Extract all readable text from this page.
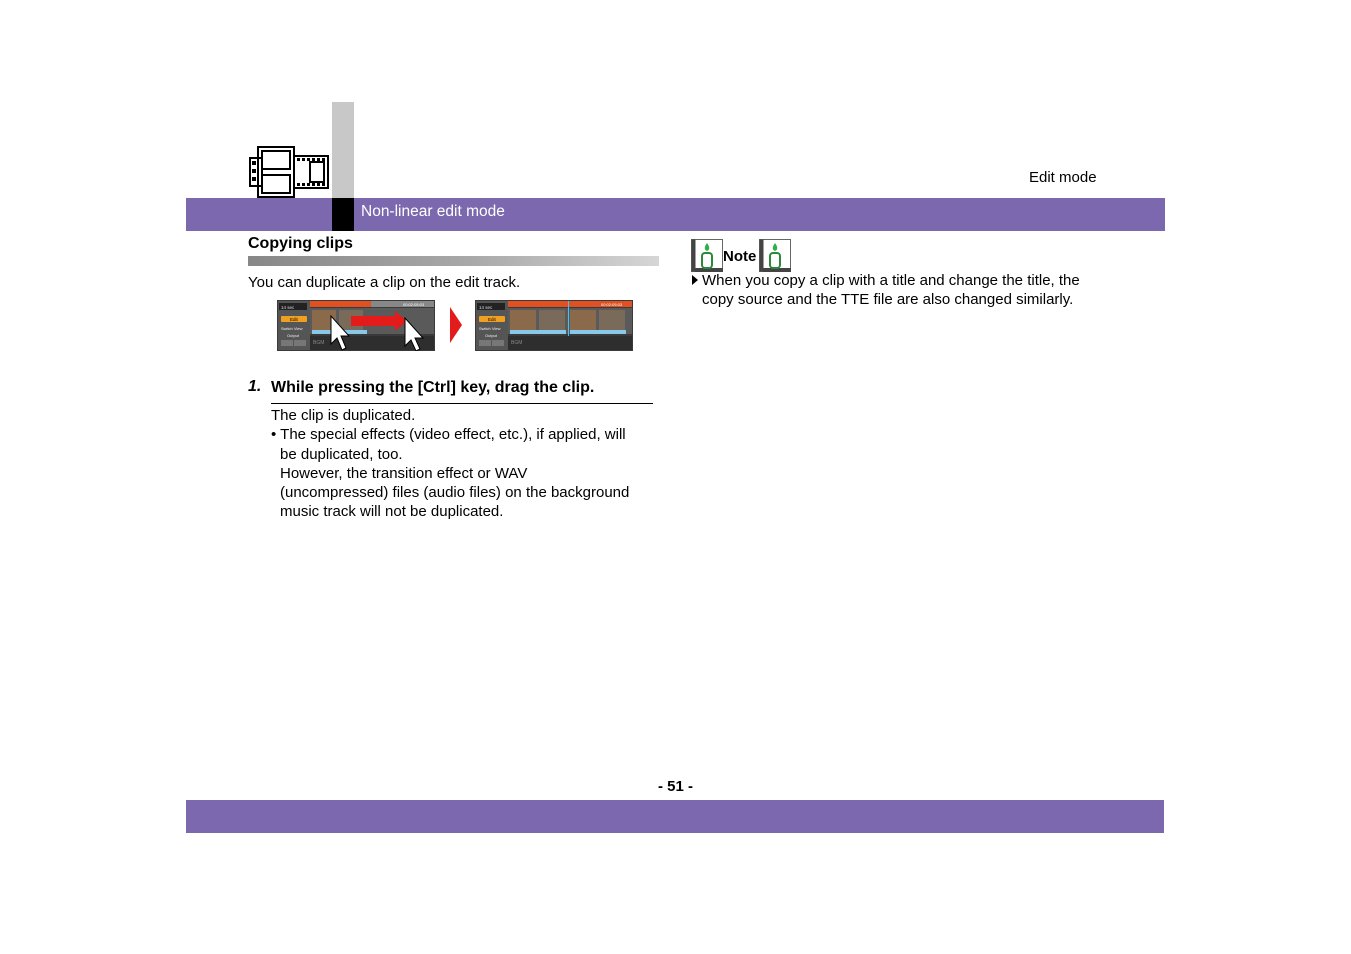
Edit mode
Non-linear edit mode
Copying clips
You can duplicate a clip on the edit track.
14 sec
Edit
Switch View
Output
00:02:05:03
BGM
14 sec
Edit
Switch View
Output
00:02:05:03
BGM
1. While pressing the [Ctrl] key, drag the clip.
The clip is duplicated.
• The special effects (video effect, etc.), if applied, will
be duplicated, too.
However, the transition effect or WAV
(uncompressed) files (audio files) on the background
music track will not be duplicated.
Note
When you copy a clip with a title and change the title, the
copy source and the TTE file are also changed similarly.
- 51 -
